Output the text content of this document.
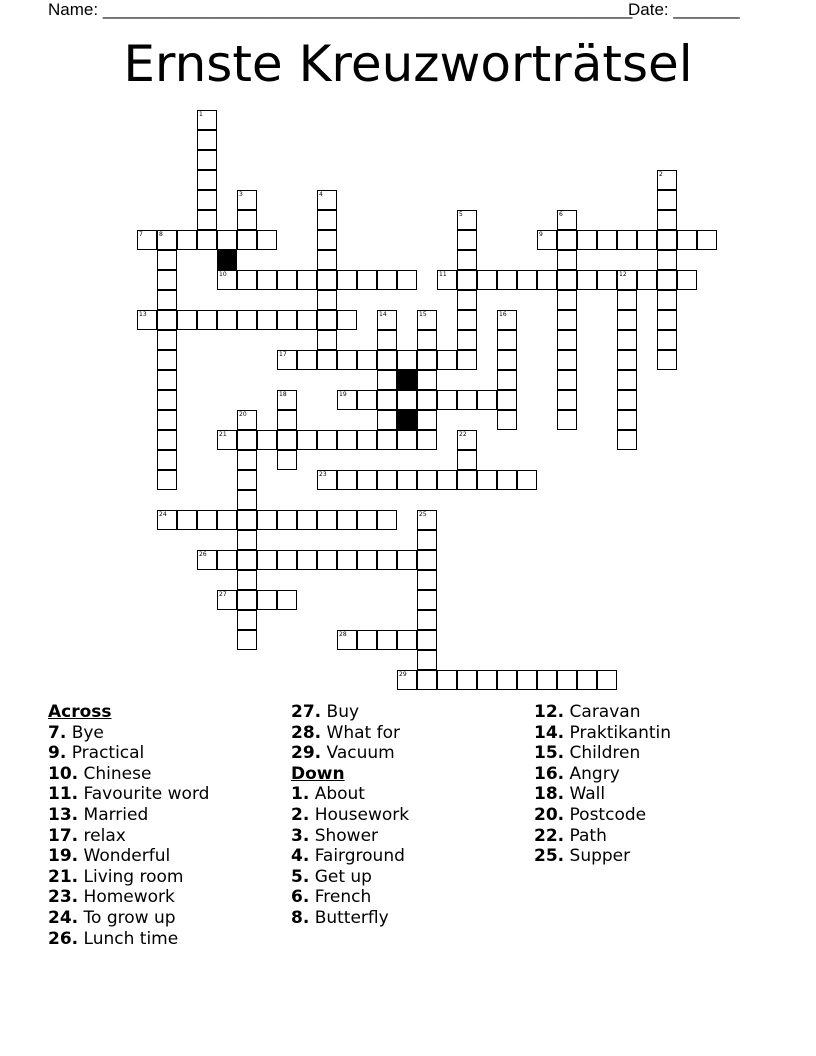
Name: ________________________________________________________
Date: _______
Ernste Kreuzworträtsel
1
2
3	4
5	6
7	8	9
10	11	12
13	14	15	16
17
18	19
20
21	22
23
24	25
26
27
28
29
Across
7. Bye
9. Practical
10. Chinese
11. Favourite word
13. Married
17. relax
19. Wonderful
21. Living room
23. Homework
24. To grow up
26. Lunch time
27. Buy
28. What for
29. Vacuum
Down
1. About
2. Housework
3. Shower
4. Fairground
5. Get up
6. French
8. Butterfly
12. Caravan
14. Praktikantin
15. Children
16. Angry
18. Wall
20. Postcode
22. Path
25. Supper
